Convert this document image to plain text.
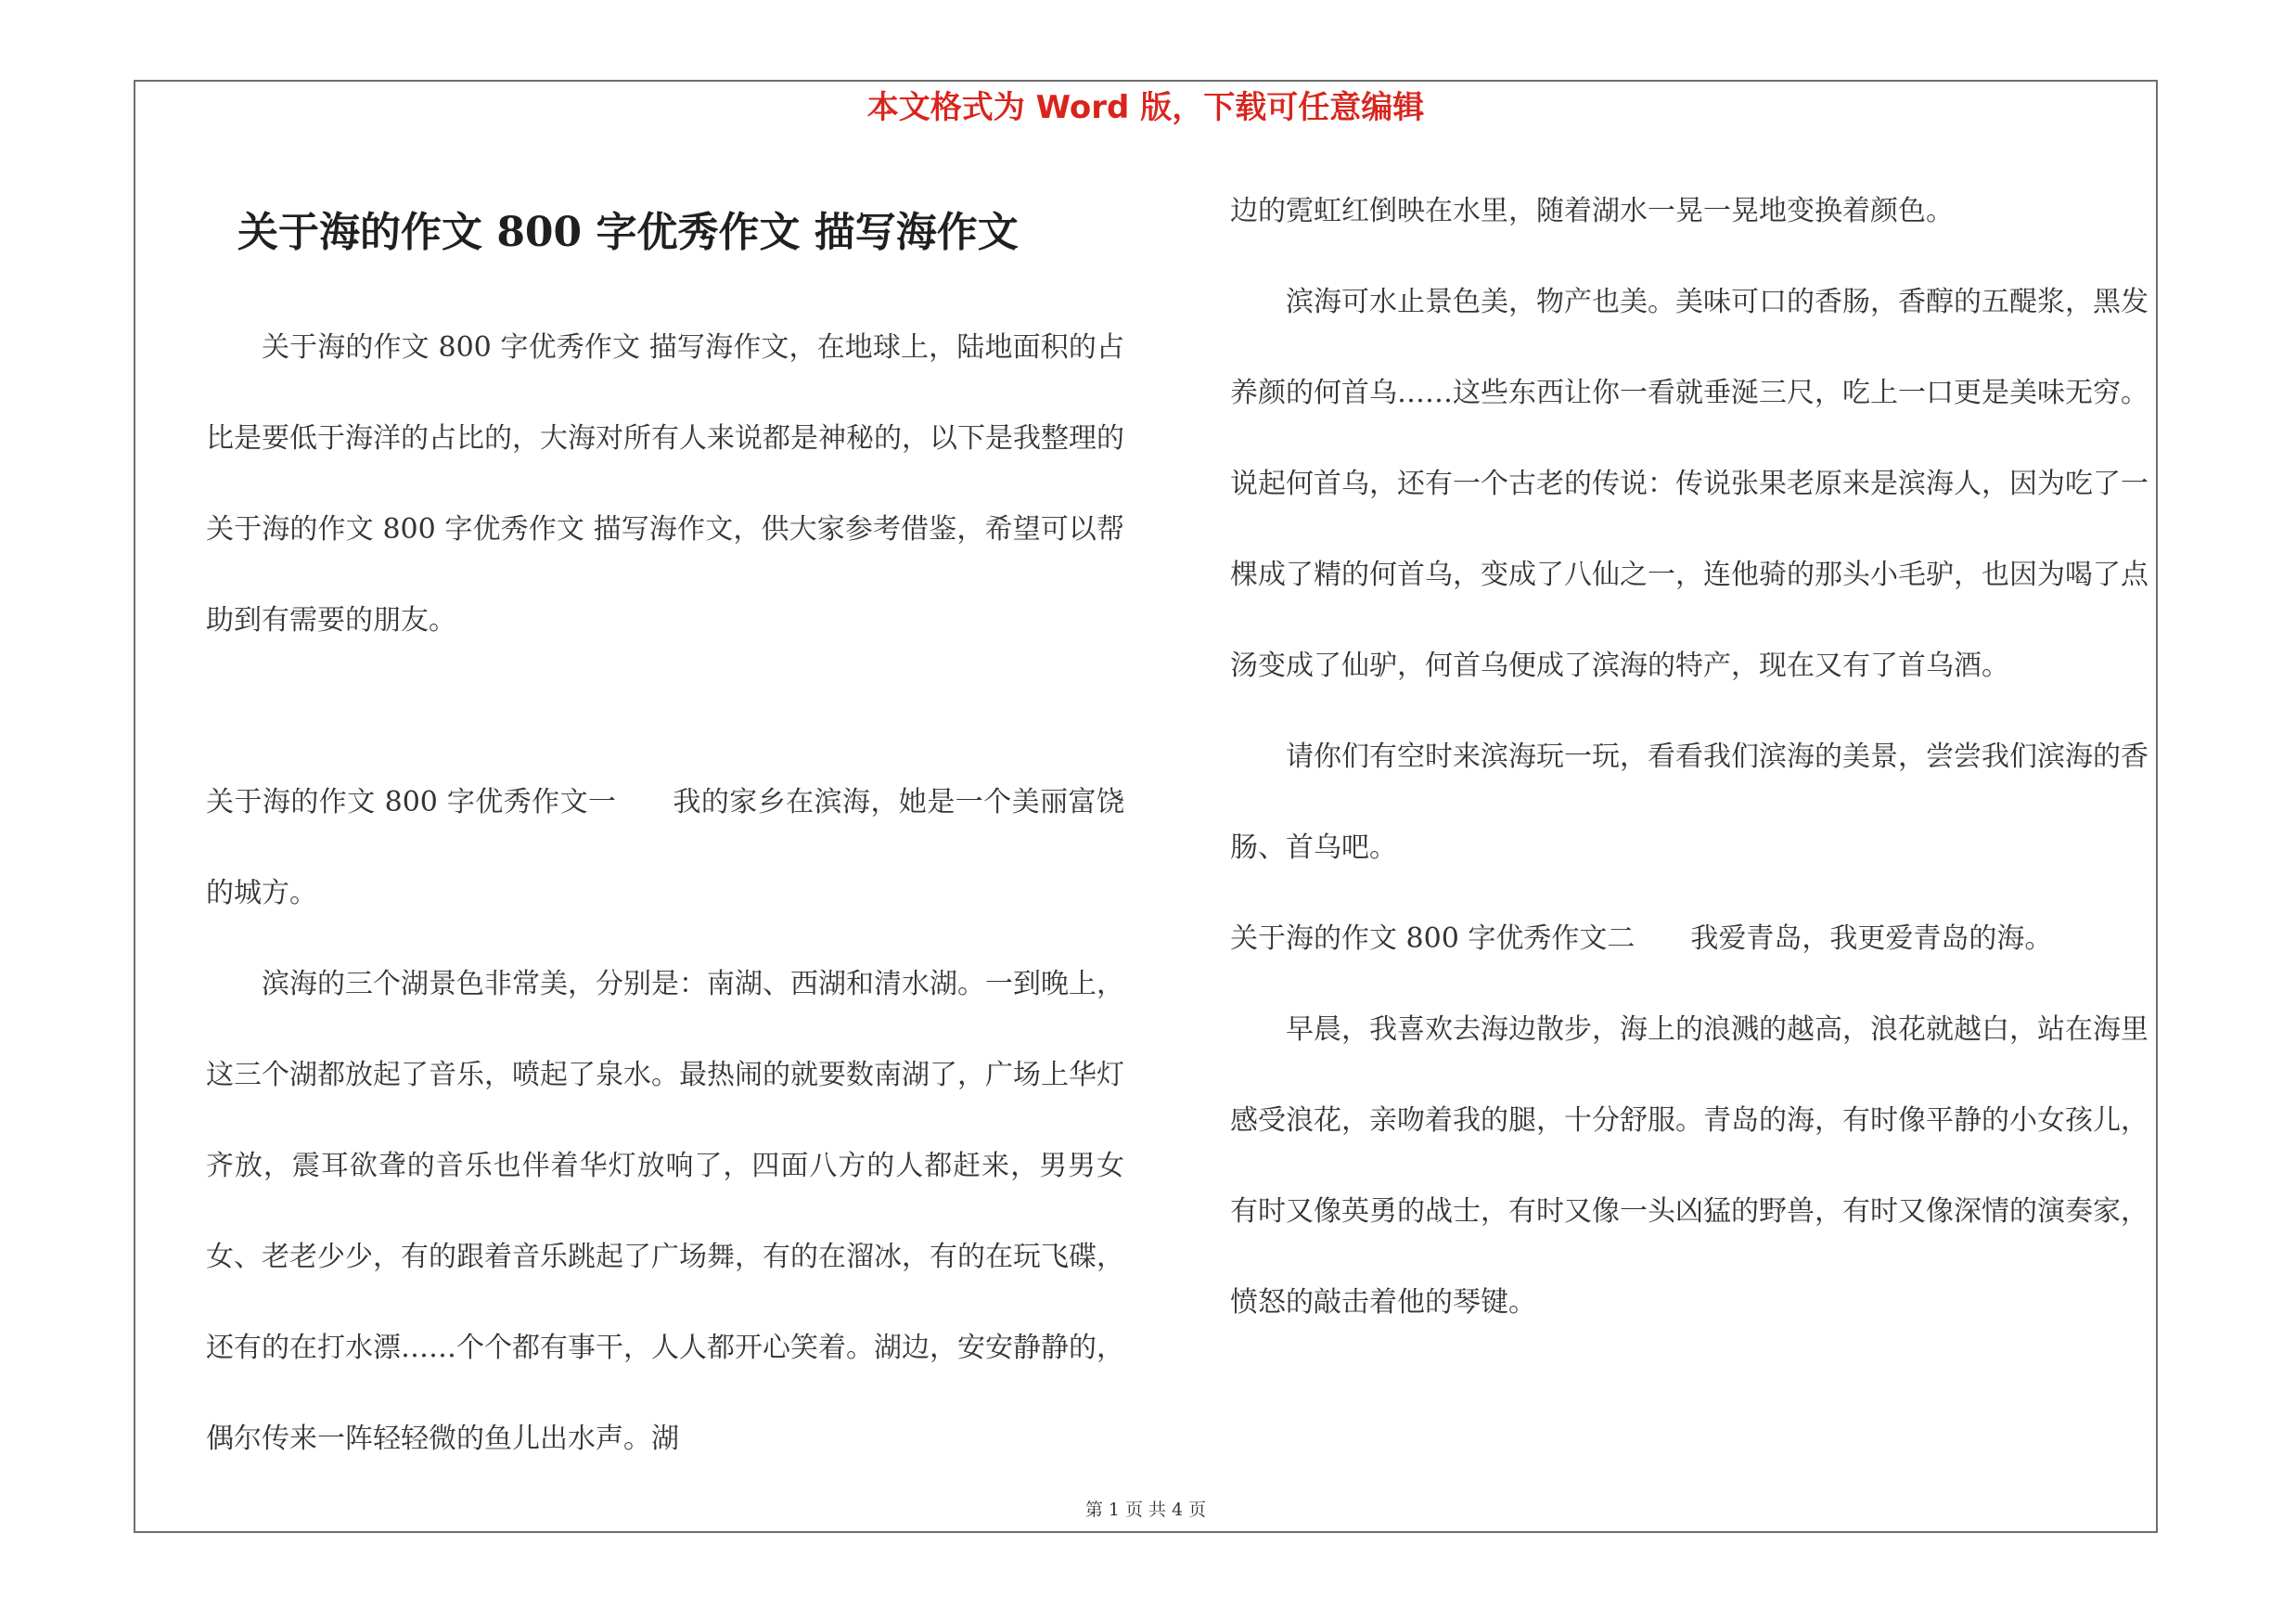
本文格式为 Word 版，下载可任意编辑
关于海的作文 800 字优秀作文 描写海作文

关于海的作文 800 字优秀作文 描写海作文，在地球上，陆地面积的占比是要低于海洋的占比的，大海对所有人来说都是神秘的，以下是我整理的关于海的作文 800 字优秀作文 描写海作文，供大家参考借鉴，希望可以帮助到有需要的朋友。

关于海的作文 800 字优秀作文一　　我的家乡在滨海，她是一个美丽富饶的城方。

滨海的三个湖景色非常美，分别是：南湖、西湖和清水湖。一到晚上，这三个湖都放起了音乐，喷起了泉水。最热闹的就要数南湖了，广场上华灯齐放，震耳欲聋的音乐也伴着华灯放响了，四面八方的人都赶来，男男女女、老老少少，有的跟着音乐跳起了广场舞，有的在溜冰，有的在玩飞碟，还有的在打水漂……个个都有事干，人人都开心笑着。湖边，安安静静的，偶尔传来一阵轻轻微的鱼儿出水声。湖

边的霓虹红倒映在水里，随着湖水一晃一晃地变换着颜色。

滨海可水止景色美，物产也美。美味可口的香肠，香醇的五醍浆，黑发养颜的何首乌……这些东西让你一看就垂涎三尺，吃上一口更是美味无穷。说起何首乌，还有一个古老的传说：传说张果老原来是滨海人，因为吃了一棵成了精的何首乌，变成了八仙之一，连他骑的那头小毛驴，也因为喝了点汤变成了仙驴，何首乌便成了滨海的特产，现在又有了首乌酒。

请你们有空时来滨海玩一玩，看看我们滨海的美景，尝尝我们滨海的香肠、首乌吧。

关于海的作文 800 字优秀作文二　　我爱青岛，我更爱青岛的海。

早晨，我喜欢去海边散步，海上的浪溅的越高，浪花就越白，站在海里感受浪花，亲吻着我的腿，十分舒服。青岛的海，有时像平静的小女孩儿，有时又像英勇的战士，有时又像一头凶猛的野兽，有时又像深情的演奏家，愤怒的敲击着他的琴键。

第 1 页 共 4 页
